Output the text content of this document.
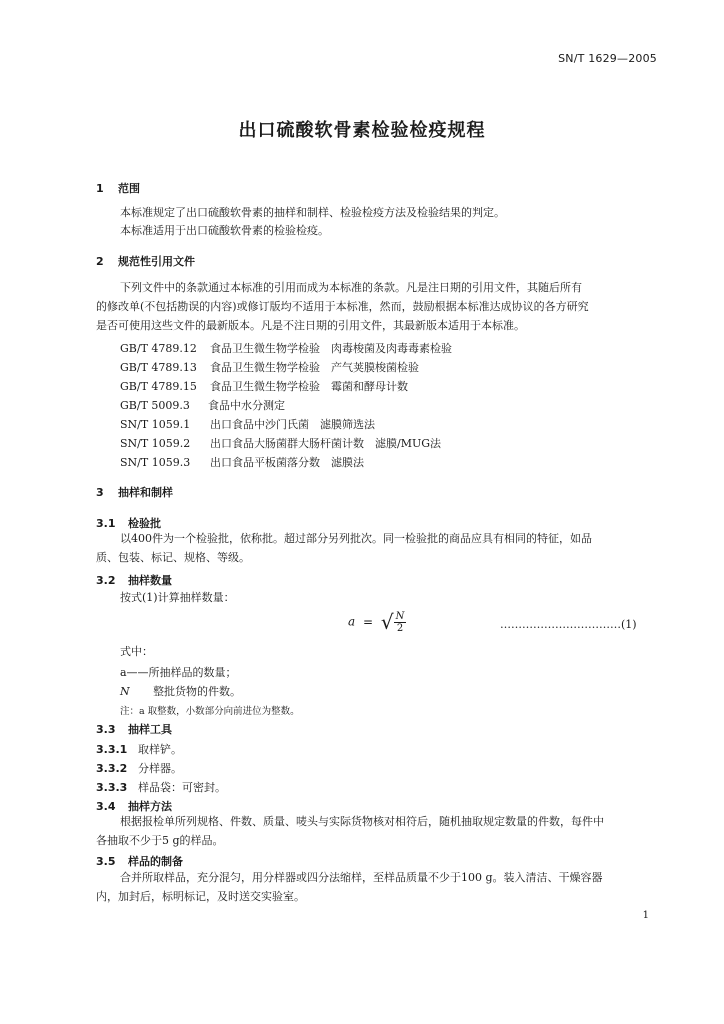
SN/T 1629—2005
出口硫酸软骨素检验检疫规程
1 范围
本标准规定了出口硫酸软骨素的抽样和制样、检验检疫方法及检验结果的判定。
本标准适用于出口硫酸软骨素的检验检疫。
2 规范性引用文件
下列文件中的条款通过本标准的引用而成为本标准的条款。凡是注日期的引用文件，其随后所有
的修改单(不包括勘误的内容)或修订版均不适用于本标准，然而，鼓励根据本标准达成协议的各方研究
是否可使用这些文件的最新版本。凡是不注日期的引用文件，其最新版本适用于本标准。
GB/T 4789.12 食品卫生微生物学检验　肉毒梭菌及肉毒毒素检验
GB/T 4789.13 食品卫生微生物学检验　产气荚膜梭菌检验
GB/T 4789.15 食品卫生微生物学检验　霉菌和酵母计数
GB/T 5009.3 食品中水分测定
SN/T 1059.1 出口食品中沙门氏菌　滤膜筛选法
SN/T 1059.2 出口食品大肠菌群大肠杆菌计数　滤膜/MUG法
SN/T 1059.3 出口食品平板菌落分数　滤膜法
3 抽样和制样
3.1 检验批
以400件为一个检验批，依称批。超过部分另列批次。同一检验批的商品应具有相同的特征，如品
质、包装、标记、规格、等级。
3.2 抽样数量
按式(1)计算抽样数量：
a = √ $\frac{N}{2}$	……………………………(1)
式中：
a——所抽样品的数量；
N 整批货物的件数。
注：a 取整数，小数部分向前进位为整数。
3.3 抽样工具
3.3.1 取样铲。
3.3.2 分样器。
3.3.3 样品袋：可密封。
3.4 抽样方法
根据报检单所列规格、件数、质量、唛头与实际货物核对相符后，随机抽取规定数量的件数，每件中
各抽取不少于5 g的样品。
3.5 样品的制备
合并所取样品，充分混匀，用分样器或四分法缩样，至样品质量不少于100 g。装入清洁、干燥容器
内，加封后，标明标记，及时送交实验室。
1
